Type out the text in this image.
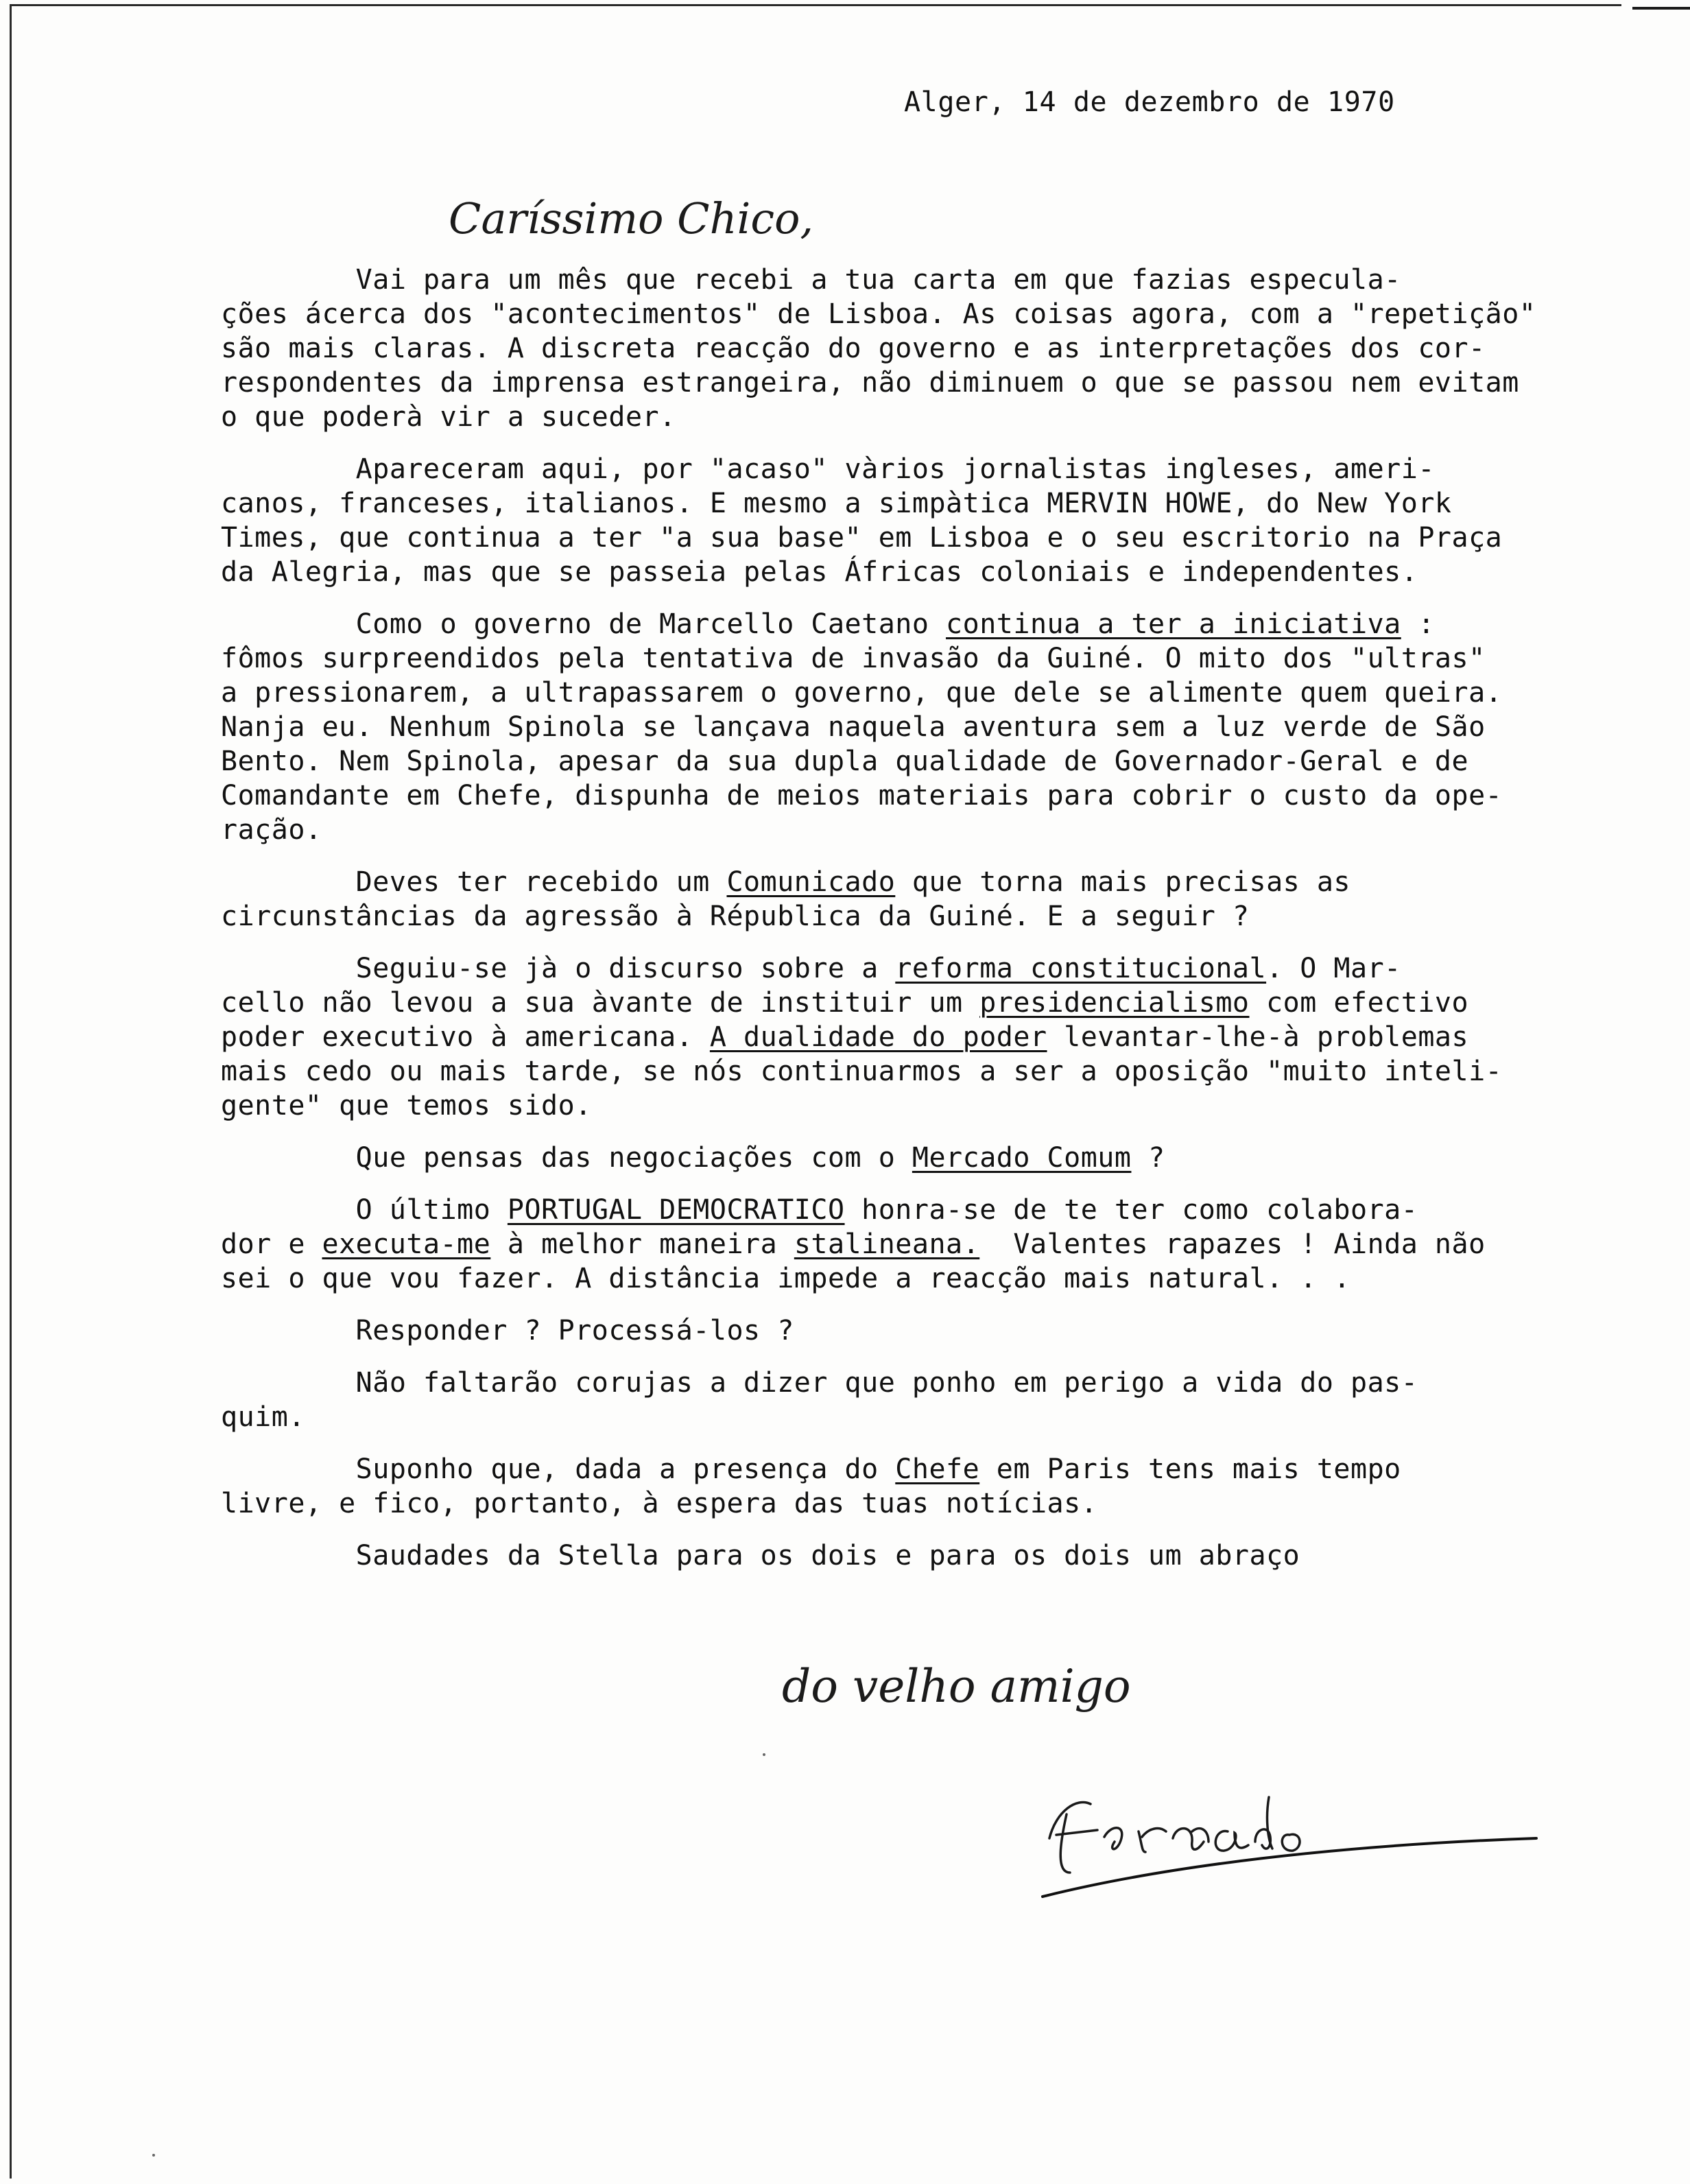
Alger, 14 de dezembro de 1970
Caríssimo Chico,
Vai para um mês que recebi a tua carta em que fazias especula-
ções ácerca dos "acontecimentos" de Lisboa. As coisas agora, com a "repetição"
são mais claras. A discreta reacção do governo e as interpretações dos cor-
respondentes da imprensa estrangeira, não diminuem o que se passou nem evitam
o que poderà vir a suceder.
Apareceram aqui, por "acaso" vàrios jornalistas ingleses, ameri-
canos, franceses, italianos. E mesmo a simpàtica MERVIN HOWE, do New York
Times, que continua a ter "a sua base" em Lisboa e o seu escritorio na Praça
da Alegria, mas que se passeia pelas Áfricas coloniais e independentes.
Como o governo de Marcello Caetano continua a ter a iniciativa :
fômos surpreendidos pela tentativa de invasão da Guiné. O mito dos "ultras"
a pressionarem, a ultrapassarem o governo, que dele se alimente quem queira.
Nanja eu. Nenhum Spinola se lançava naquela aventura sem a luz verde de São
Bento. Nem Spinola, apesar da sua dupla qualidade de Governador-Geral e de
Comandante em Chefe, dispunha de meios materiais para cobrir o custo da ope-
ração.
Deves ter recebido um Comunicado que torna mais precisas as
circunstâncias da agressão à Républica da Guiné. E a seguir ?
Seguiu-se jà o discurso sobre a reforma constitucional. O Mar-
cello não levou a sua àvante de instituir um presidencialismo com efectivo
poder executivo à americana. A dualidade do poder levantar-lhe-à problemas
mais cedo ou mais tarde, se nós continuarmos a ser a oposição "muito inteli-
gente" que temos sido.
Que pensas das negociações com o Mercado Comum ?
O último PORTUGAL DEMOCRATICO honra-se de te ter como colabora-
dor e executa-me à melhor maneira stalineana.  Valentes rapazes ! Ainda não
sei o que vou fazer. A distância impede a reacção mais natural. . .
Responder ? Processá-los ?
Não faltarão corujas a dizer que ponho em perigo a vida do pas-
quim.
Suponho que, dada a presença do Chefe em Paris tens mais tempo
livre, e fico, portanto, à espera das tuas notícias.
Saudades da Stella para os dois e para os dois um abraço
do velho amigo
